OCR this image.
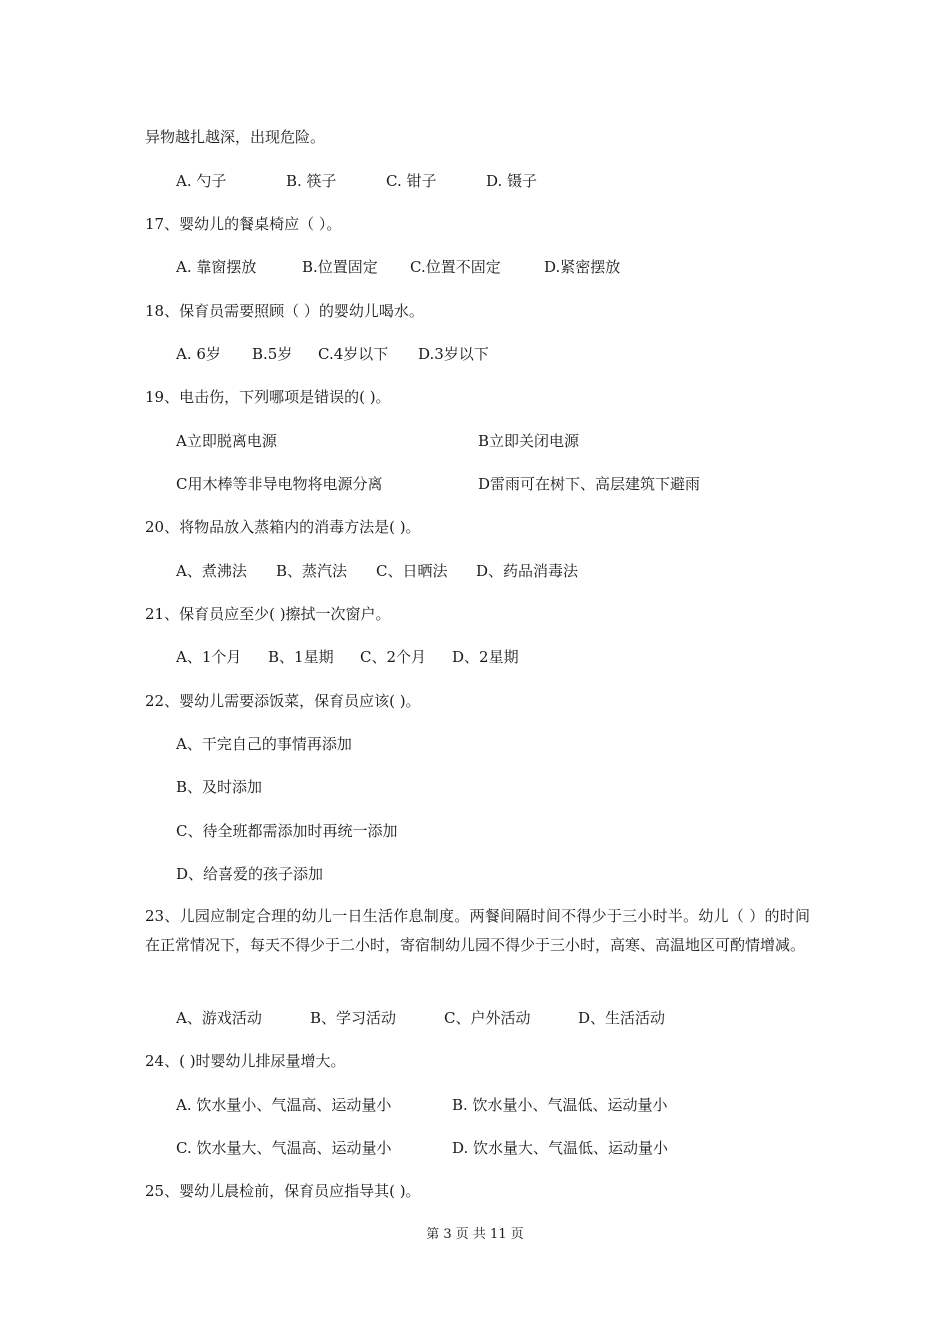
异物越扎越深，出现危险。
A. 勺子	B. 筷子	C. 钳子	D. 镊子
17、婴幼儿的餐桌椅应（ ）。
A. 靠窗摆放	B.位置固定 C.位置不固定	D.紧密摆放
18、保育员需要照顾（ ）的婴幼儿喝水。
A. 6岁 B.5岁 C.4岁以下 D.3岁以下
19、电击伤，下列哪项是错误的( )。
A立即脱离电源	B立即关闭电源
C用木棒等非导电物将电源分离	D雷雨可在树下、高层建筑下避雨
20、将物品放入蒸箱内的消毒方法是( )。
A、煮沸法 B、蒸汽法 C、日晒法 D、药品消毒法
21、保育员应至少( )擦拭一次窗户。
A、1个月 B、1星期 C、2个月 D、2星期
22、婴幼儿需要添饭菜，保育员应该( )。
A、干完自己的事情再添加
B、及时添加
C、待全班都需添加时再统一添加
D、给喜爱的孩子添加
23、儿园应制定合理的幼儿一日生活作息制度。两餐间隔时间不得少于三小时半。幼儿（ ）的时间在正常情况下，每天不得少于二小时，寄宿制幼儿园不得少于三小时，高寒、高温地区可酌情增减。
A、游戏活动	B、学习活动	C、户外活动	D、生活活动
24、( )时婴幼儿排尿量增大。
A. 饮水量小、气温高、运动量小	B. 饮水量小、气温低、运动量小
C. 饮水量大、气温高、运动量小	D. 饮水量大、气温低、运动量小
25、婴幼儿晨检前，保育员应指导其( )。
第 3 页 共 11 页
